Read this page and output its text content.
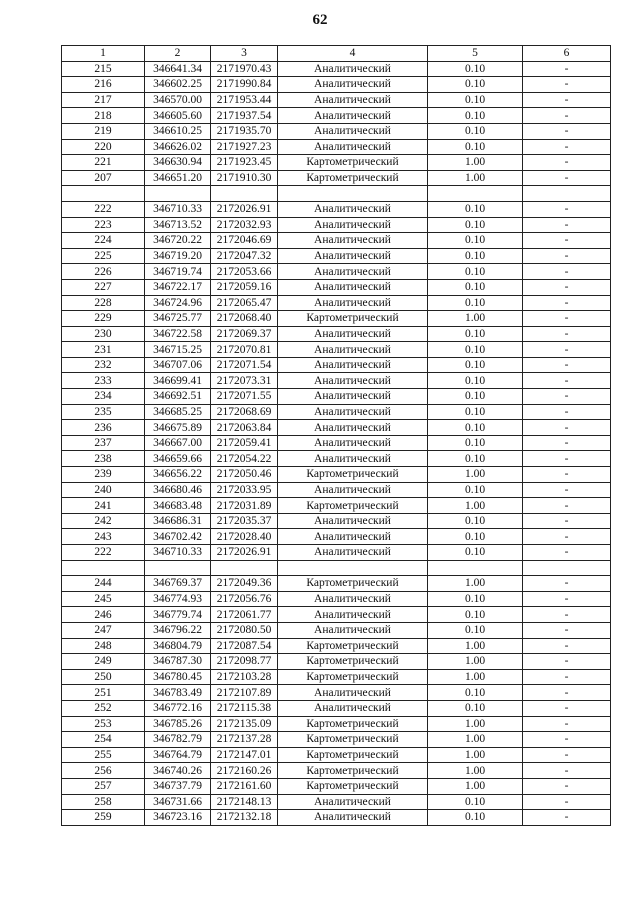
62
1	2	3	4	5	6
215	346641.34	2171970.43	Аналитический	0.10	-
216	346602.25	2171990.84	Аналитический	0.10	-
217	346570.00	2171953.44	Аналитический	0.10	-
218	346605.60	2171937.54	Аналитический	0.10	-
219	346610.25	2171935.70	Аналитический	0.10	-
220	346626.02	2171927.23	Аналитический	0.10	-
221	346630.94	2171923.45	Картометрический	1.00	-
207	346651.20	2171910.30	Картометрический	1.00	-

222	346710.33	2172026.91	Аналитический	0.10	-
223	346713.52	2172032.93	Аналитический	0.10	-
224	346720.22	2172046.69	Аналитический	0.10	-
225	346719.20	2172047.32	Аналитический	0.10	-
226	346719.74	2172053.66	Аналитический	0.10	-
227	346722.17	2172059.16	Аналитический	0.10	-
228	346724.96	2172065.47	Аналитический	0.10	-
229	346725.77	2172068.40	Картометрический	1.00	-
230	346722.58	2172069.37	Аналитический	0.10	-
231	346715.25	2172070.81	Аналитический	0.10	-
232	346707.06	2172071.54	Аналитический	0.10	-
233	346699.41	2172073.31	Аналитический	0.10	-
234	346692.51	2172071.55	Аналитический	0.10	-
235	346685.25	2172068.69	Аналитический	0.10	-
236	346675.89	2172063.84	Аналитический	0.10	-
237	346667.00	2172059.41	Аналитический	0.10	-
238	346659.66	2172054.22	Аналитический	0.10	-
239	346656.22	2172050.46	Картометрический	1.00	-
240	346680.46	2172033.95	Аналитический	0.10	-
241	346683.48	2172031.89	Картометрический	1.00	-
242	346686.31	2172035.37	Аналитический	0.10	-
243	346702.42	2172028.40	Аналитический	0.10	-
222	346710.33	2172026.91	Аналитический	0.10	-

244	346769.37	2172049.36	Картометрический	1.00	-
245	346774.93	2172056.76	Аналитический	0.10	-
246	346779.74	2172061.77	Аналитический	0.10	-
247	346796.22	2172080.50	Аналитический	0.10	-
248	346804.79	2172087.54	Картометрический	1.00	-
249	346787.30	2172098.77	Картометрический	1.00	-
250	346780.45	2172103.28	Картометрический	1.00	-
251	346783.49	2172107.89	Аналитический	0.10	-
252	346772.16	2172115.38	Аналитический	0.10	-
253	346785.26	2172135.09	Картометрический	1.00	-
254	346782.79	2172137.28	Картометрический	1.00	-
255	346764.79	2172147.01	Картометрический	1.00	-
256	346740.26	2172160.26	Картометрический	1.00	-
257	346737.79	2172161.60	Картометрический	1.00	-
258	346731.66	2172148.13	Аналитический	0.10	-
259	346723.16	2172132.18	Аналитический	0.10	-
